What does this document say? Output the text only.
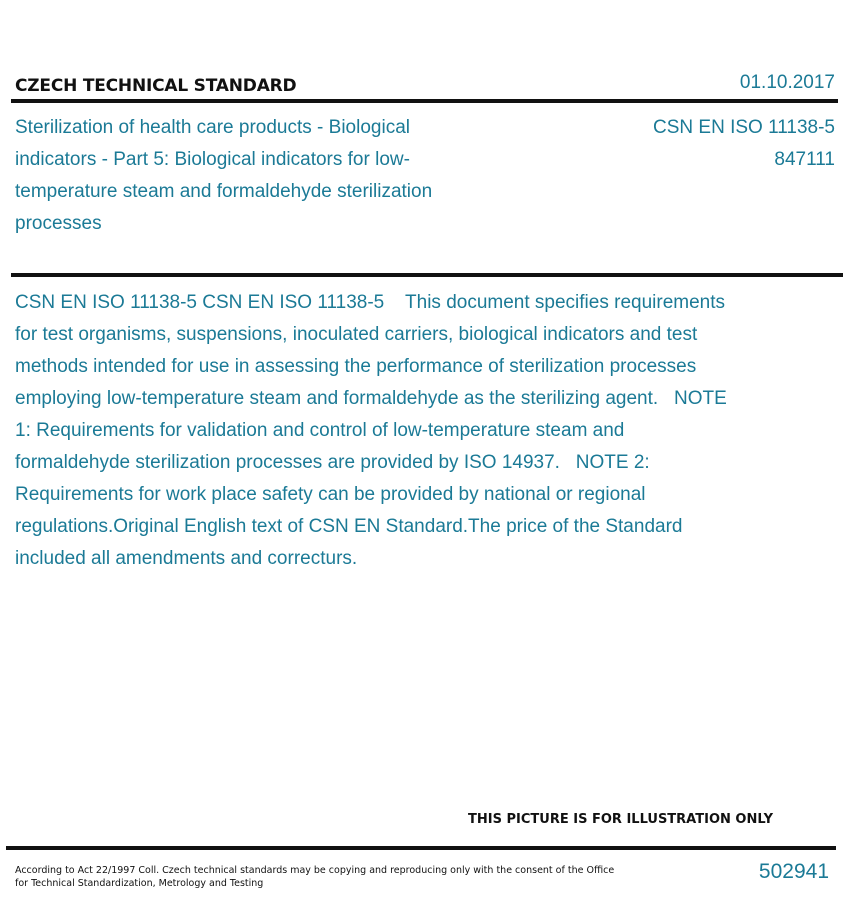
CZECH TECHNICAL STANDARD	01.10.2017
Sterilization of health care products - Biological indicators - Part 5: Biological indicators for low-temperature steam and formaldehyde sterilization processes
CSN EN ISO 11138-5
847111
CSN EN ISO 11138-5 CSN EN ISO 11138-5    This document specifies requirements for test organisms, suspensions, inoculated carriers, biological indicators and test methods intended for use in assessing the performance of sterilization processes employing low-temperature steam and formaldehyde as the sterilizing agent.   NOTE 1: Requirements for validation and control of low-temperature steam and formaldehyde sterilization processes are provided by ISO 14937.   NOTE 2: Requirements for work place safety can be provided by national or regional regulations.Original English text of CSN EN Standard.The price of the Standard included all amendments and correcturs.
THIS PICTURE IS FOR ILLUSTRATION ONLY
According to Act 22/1997 Coll. Czech technical standards may be copying and reproducing only with the consent of the Office
for Technical Standardization, Metrology and Testing
502941
